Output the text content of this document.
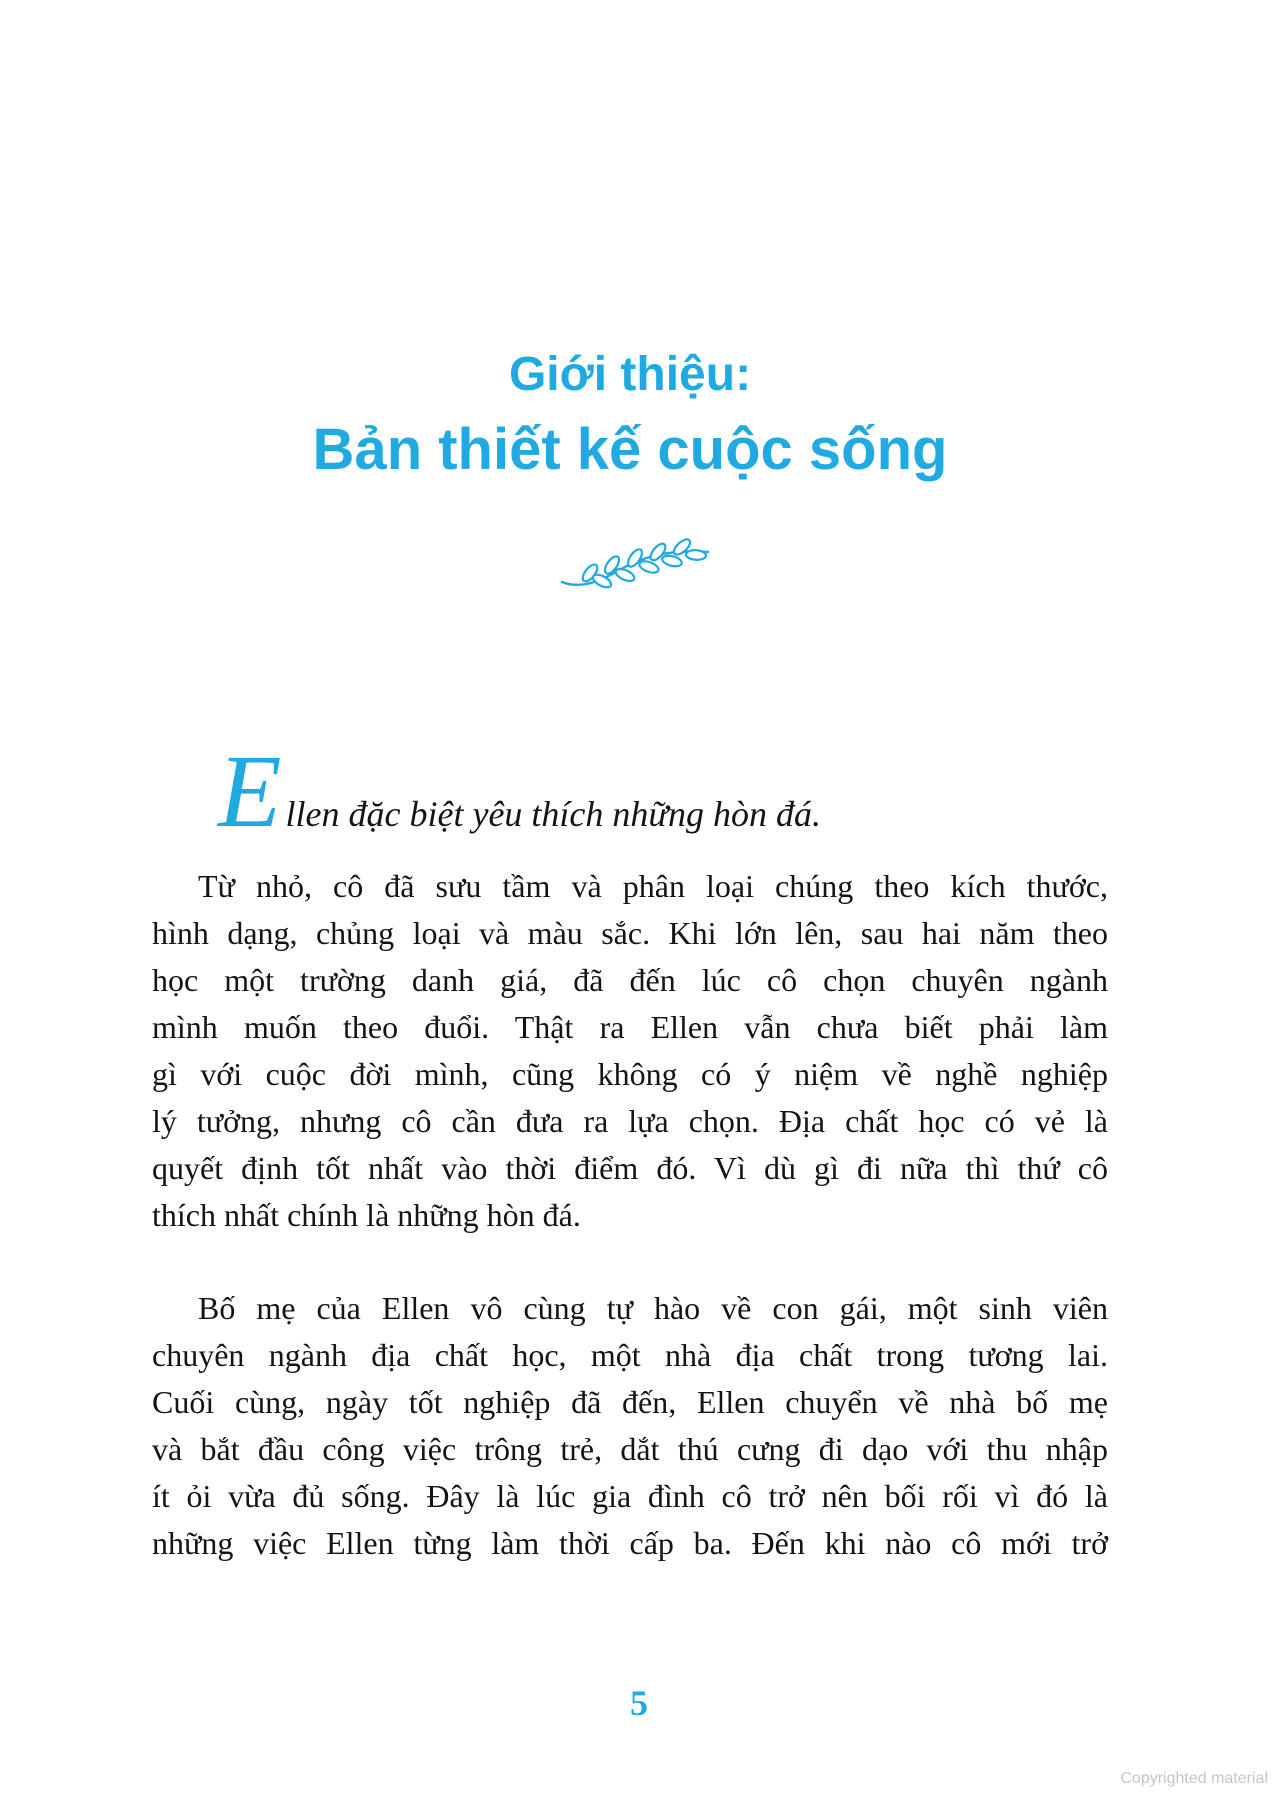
Giới thiệu:
Bản thiết kế cuộc sống
Ellen đặc biệt yêu thích những hòn đá.
Từ nhỏ, cô đã sưu tầm và phân loại chúng theo kích thước,
hình dạng, chủng loại và màu sắc. Khi lớn lên, sau hai năm theo
học một trường danh giá, đã đến lúc cô chọn chuyên ngành
mình muốn theo đuổi. Thật ra Ellen vẫn chưa biết phải làm
gì với cuộc đời mình, cũng không có ý niệm về nghề nghiệp
lý tưởng, nhưng cô cần đưa ra lựa chọn. Địa chất học có vẻ là
quyết định tốt nhất vào thời điểm đó. Vì dù gì đi nữa thì thứ cô
thích nhất chính là những hòn đá.
Bố mẹ của Ellen vô cùng tự hào về con gái, một sinh viên
chuyên ngành địa chất học, một nhà địa chất trong tương lai.
Cuối cùng, ngày tốt nghiệp đã đến, Ellen chuyển về nhà bố mẹ
và bắt đầu công việc trông trẻ, dắt thú cưng đi dạo với thu nhập
ít ỏi vừa đủ sống. Đây là lúc gia đình cô trở nên bối rối vì đó là
những việc Ellen từng làm thời cấp ba. Đến khi nào cô mới trở
5
Copyrighted material
